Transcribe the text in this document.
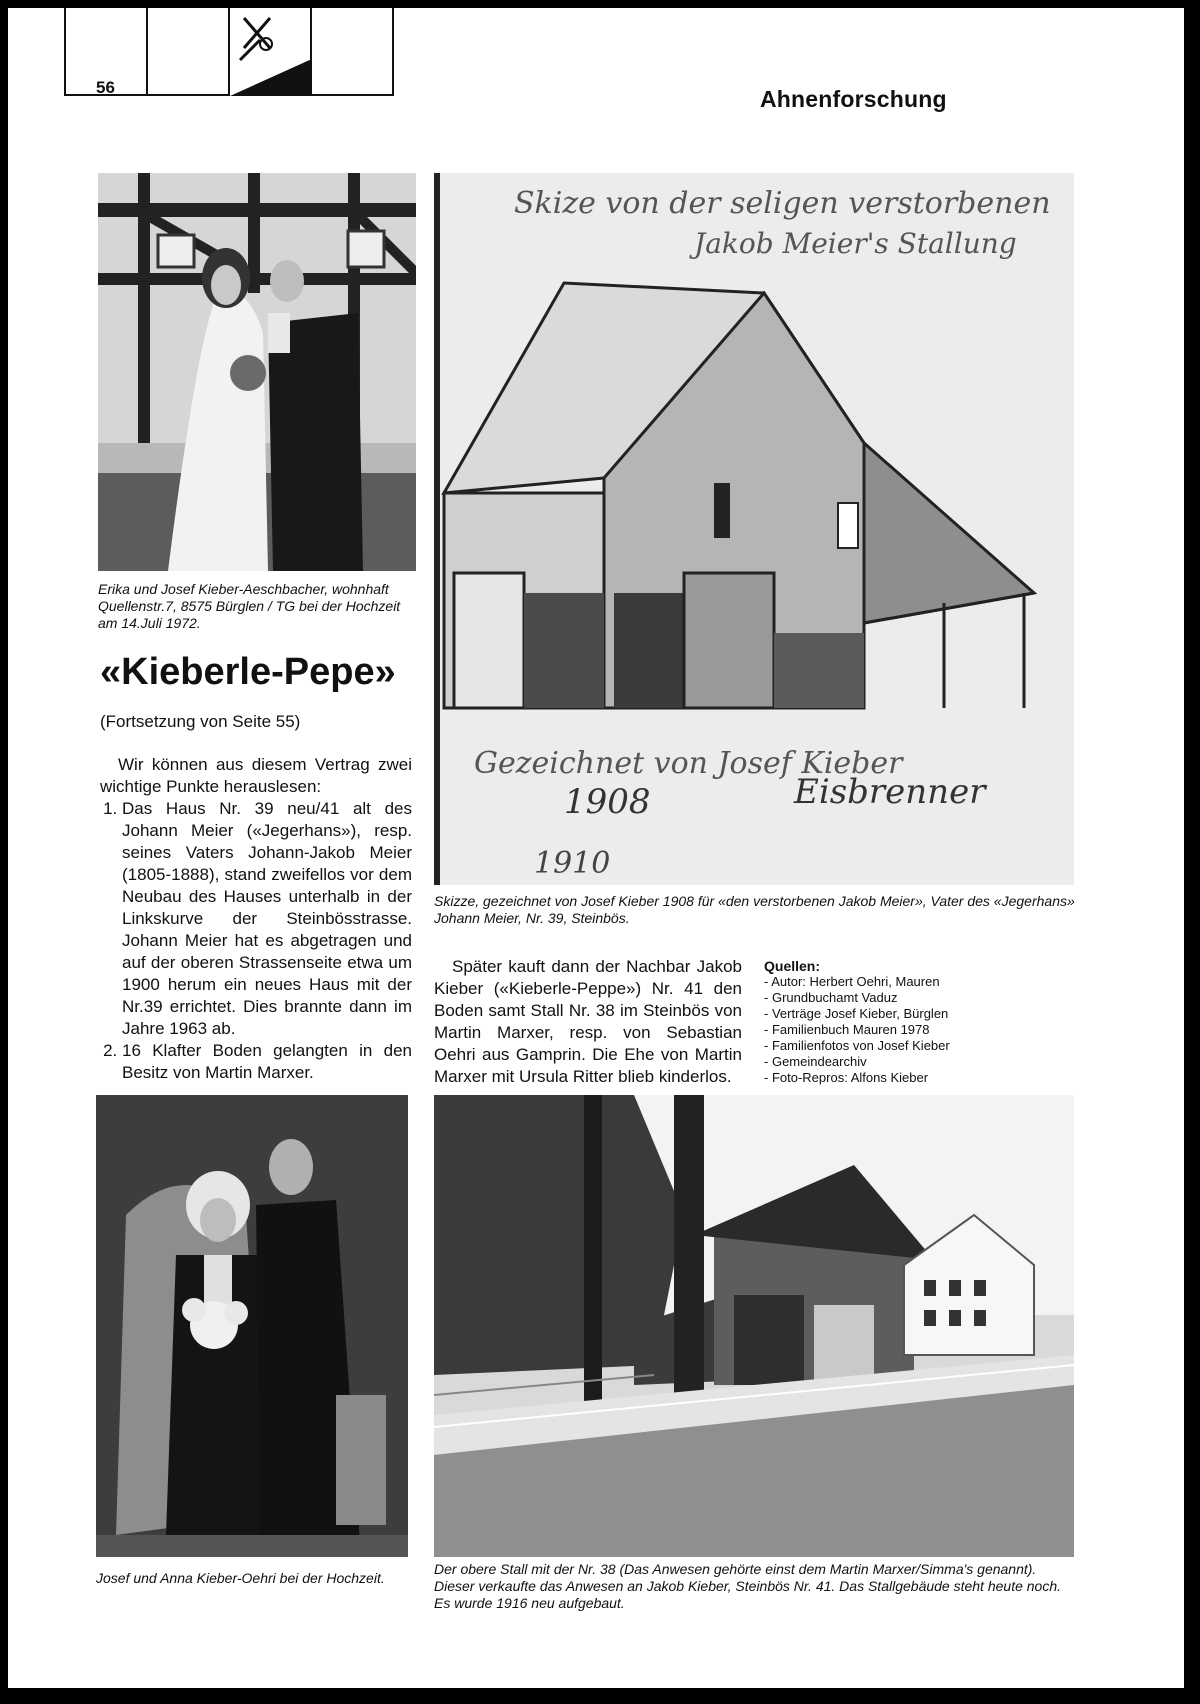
56	Ahnenforschung
Erika und Josef Kieber-Aeschbacher, wohnhaft Quellenstr.7, 8575 Bürglen / TG bei der Hochzeit am 14.Juli 1972.
«Kieberle-Pepe»
(Fortsetzung von Seite 55)

Wir können aus diesem Vertrag zwei wichtige Punkte herauslesen:

1. Das Haus Nr. 39 neu/41 alt des Johann Meier («Jegerhans»), resp. seines Vaters Johann-Jakob Meier (1805-1888), stand zweifellos vor dem Neubau des Hauses unterhalb in der Linkskurve der Steinbösstrasse. Johann Meier hat es abgetragen und auf der oberen Strassenseite etwa um 1900 herum ein neues Haus mit der Nr.39 errichtet. Dies brannte dann im Jahre 1963 ab.
2. 16 Klafter Boden gelangten in den Besitz von Martin Marxer.
Skize von der seligen verstorbenen
Jakob Meier's Stallung
Gezeichnet von Josef Kieber
1908	Eisbrenner
1910
Skizze, gezeichnet von Josef Kieber 1908 für «den verstorbenen Jakob Meier», Vater des «Jegerhans» Johann Meier, Nr. 39, Steinbös.

Später kauft dann der Nachbar Jakob Kieber («Kieberle-Peppe») Nr. 41 den Boden samt Stall Nr. 38 im Steinbös von Martin Marxer, resp. von Sebastian Oehri aus Gamprin. Die Ehe von Martin Marxer mit Ursula Ritter blieb kinderlos.

Quellen:
- Autor: Herbert Oehri, Mauren
- Grundbuchamt Vaduz
- Verträge Josef Kieber, Bürglen
- Familienbuch Mauren 1978
- Familienfotos von Josef Kieber
- Gemeindearchiv
- Foto-Repros: Alfons Kieber
Josef und Anna Kieber-Oehri bei der Hochzeit.
Der obere Stall mit der Nr. 38 (Das Anwesen gehörte einst dem Martin Marxer/Simma's genannt). Dieser verkaufte das Anwesen an Jakob Kieber, Steinbös Nr. 41. Das Stallgebäude steht heute noch. Es wurde 1916 neu aufgebaut.
